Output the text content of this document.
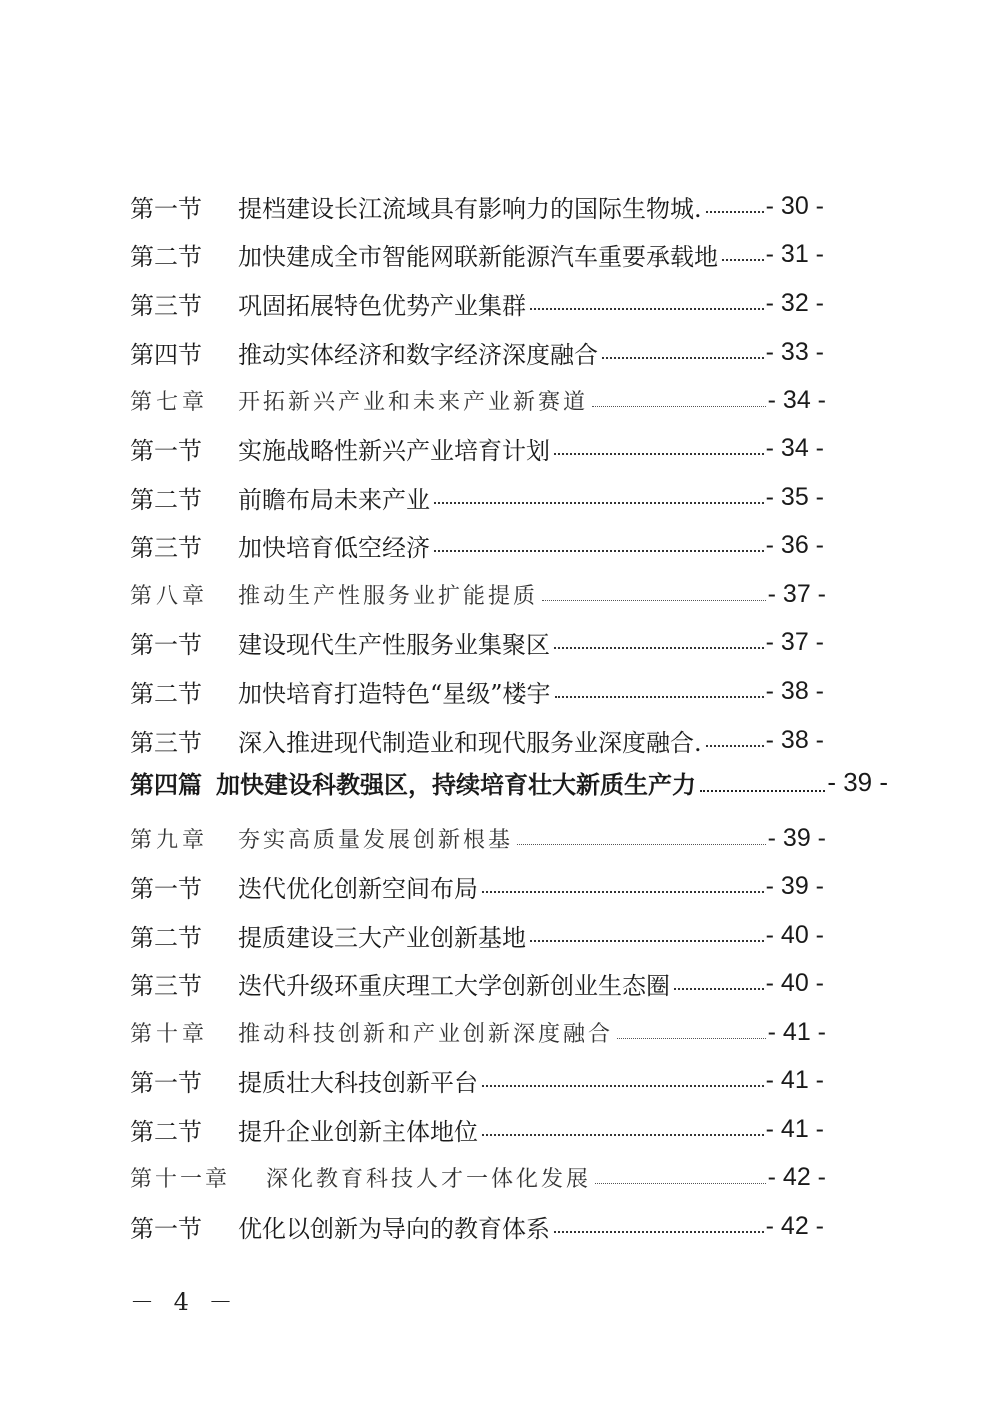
第一节	提档建设长江流域具有影响力的国际生物城.	- 30 -
第二节	加快建成全市智能网联新能源汽车重要承载地 - 31 -
第三节	巩固拓展特色优势产业集群	- 32 -
第四节	推动实体经济和数字经济深度融合	- 33 -
第七章	开拓新兴产业和未来产业新赛道	- 34 -
第一节	实施战略性新兴产业培育计划	- 34 -
第二节	前瞻布局未来产业	- 35 -
第三节	加快培育低空经济	- 36 -
第八章	推动生产性服务业扩能提质	- 37 -
第一节	建设现代生产性服务业集聚区	- 37 -
第二节	加快培育打造特色“星级”楼宇	- 38 -
第三节	深入推进现代制造业和现代服务业深度融合.	- 38 -
第四篇 加快建设科教强区，持续培育壮大新质生产力	- 39 -
第九章	夯实高质量发展创新根基	- 39 -
第一节	迭代优化创新空间布局	- 39 -
第二节	提质建设三大产业创新基地	- 40 -
第三节	迭代升级环重庆理工大学创新创业生态圈	- 40 -
第十章	推动科技创新和产业创新深度融合	- 41 -
第一节	提质壮大科技创新平台	- 41 -
第二节	提升企业创新主体地位	- 41 -
第十一章	深化教育科技人才一体化发展	- 42 -
第一节	优化以创新为导向的教育体系	- 42 -
－ 4 －
